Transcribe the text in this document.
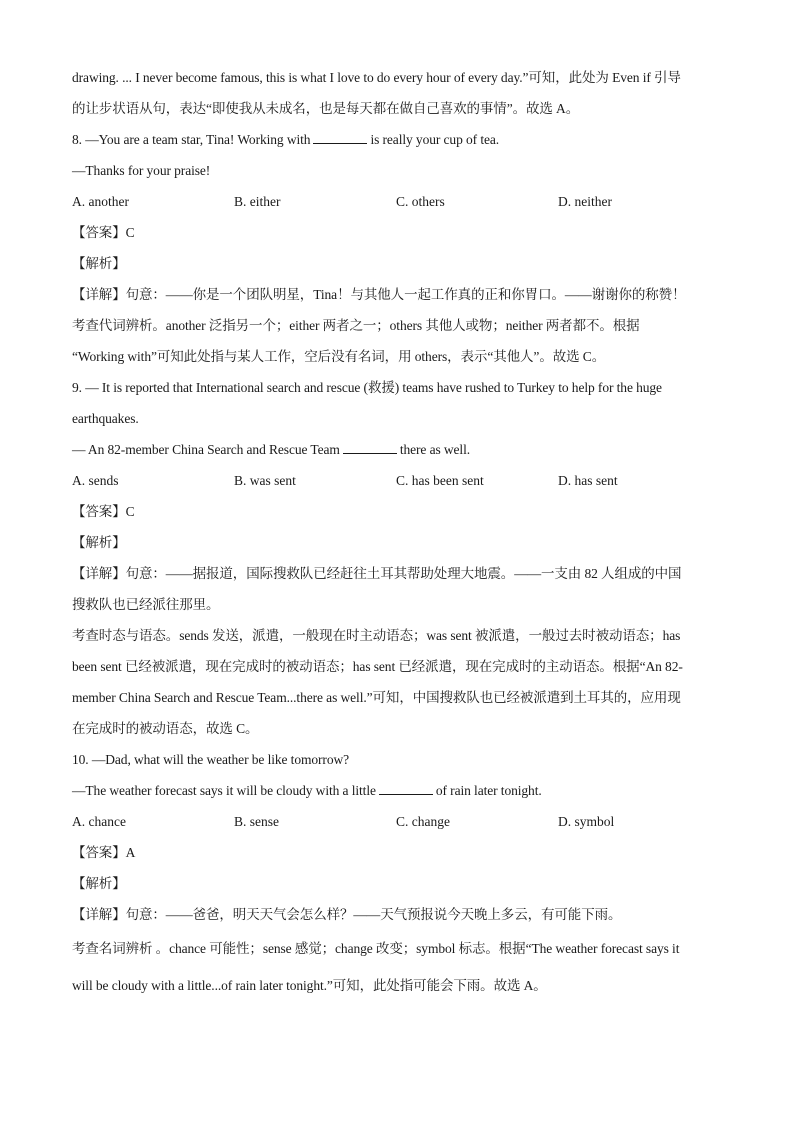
drawing. ... I never become famous, this is what I love to do every hour of every day.”可知，此处为 Even if 引导
的让步状语从句，表达“即使我从未成名，也是每天都在做自己喜欢的事情”。故选 A。
8. —You are a team star, Tina! Working with	is really your cup of tea.
—Thanks for your praise!
A. another	B. either	C. others	D. neither
【答案】C
【解析】
【详解】句意：——你是一个团队明星，Tina！与其他人一起工作真的正和你胃口。——谢谢你的称赞！
考查代词辨析。another 泛指另一个；either 两者之一；others 其他人或物；neither 两者都不。根据
“Working with”可知此处指与某人工作，空后没有名词，用 others，表示“其他人”。故选 C。
9. — It is reported that International search and rescue (救援) teams have rushed to Turkey to help for the huge
earthquakes.
— An 82-member China Search and Rescue Team	there as well.
A. sends	B. was sent	C. has been sent	D. has sent
【答案】C
【解析】
【详解】句意：——据报道，国际搜救队已经赶往土耳其帮助处理大地震。——一支由 82 人组成的中国
搜救队也已经派往那里。
考查时态与语态。sends 发送，派遣，一般现在时主动语态；was sent 被派遣，一般过去时被动语态；has
been sent 已经被派遣，现在完成时的被动语态；has sent 已经派遣，现在完成时的主动语态。根据“An 82-
member China Search and Rescue Team...there as well.”可知，中国搜救队也已经被派遣到土耳其的，应用现
在完成时的被动语态，故选 C。
10. —Dad, what will the weather be like tomorrow?
—The weather forecast says it will be cloudy with a little	of rain later tonight.
A. chance	B. sense	C. change	D. symbol
【答案】A
【解析】
【详解】句意：——爸爸，明天天气会怎么样？——天气预报说今天晚上多云，有可能下雨。
考查名词辨析 。chance 可能性；sense 感觉；change 改变；symbol 标志。根据“The weather forecast says it
will be cloudy with a little...of rain later tonight.”可知，此处指可能会下雨。故选 A。
